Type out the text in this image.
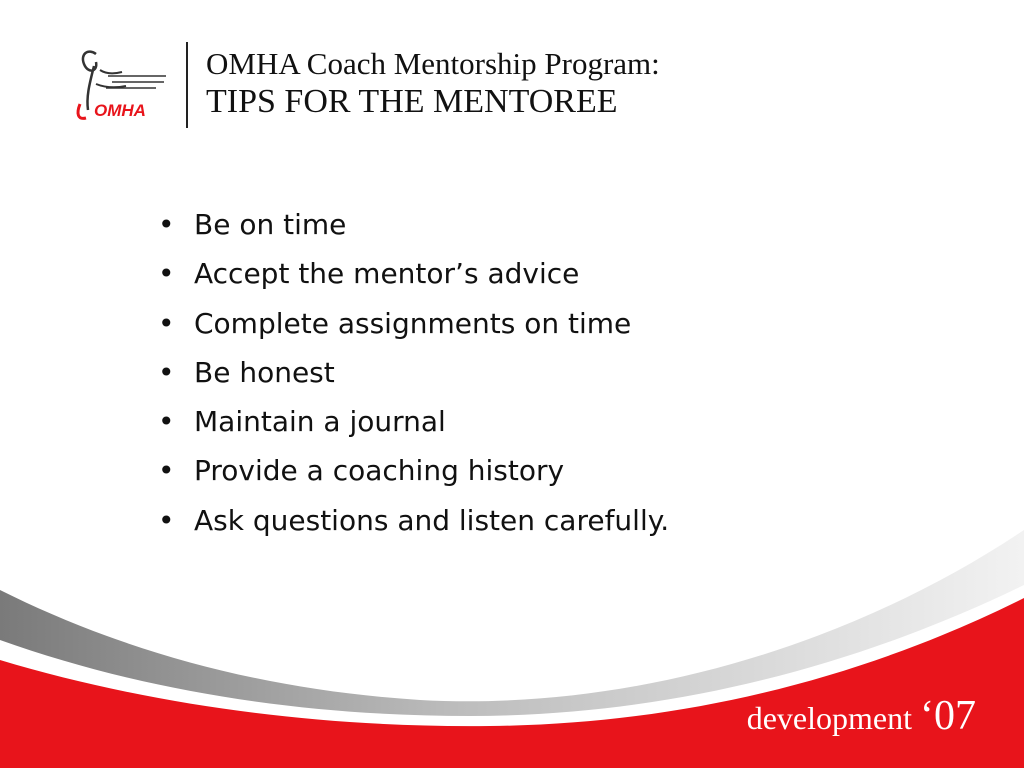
OMHA
OMHA Coach Mentorship Program:
TIPS FOR THE MENTOREE
• Be on time
• Accept the mentor’s advice
• Complete assignments on time
• Be honest
• Maintain a journal
• Provide a coaching history
• Ask questions and listen carefully.
development ‘07
